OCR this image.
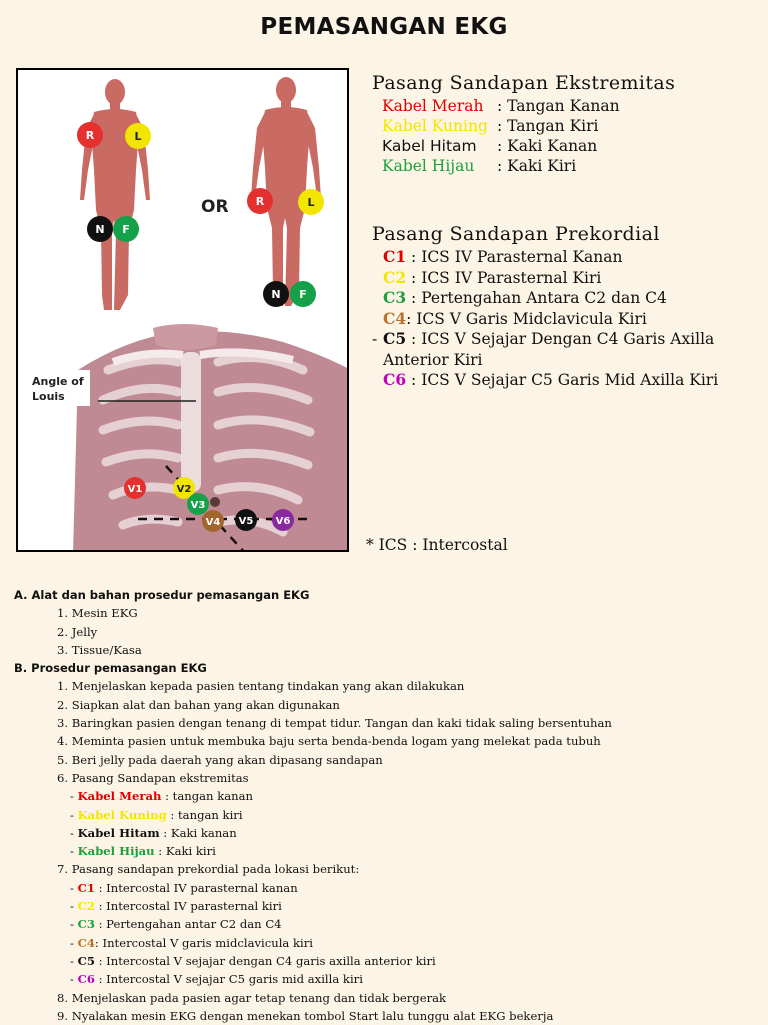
PEMASANGAN EKG
OR
R	L
N F
R	L
N F
Angle of
Louis
V1	V2
V3
V4 V5 V6

Pasang Sandapan Ekstremitas

Kabel Merah : Tangan Kanan
Kabel Kuning : Tangan Kiri
Kabel Hitam : Kaki Kanan
Kabel Hijau : Kaki Kiri

Pasang Sandapan Prekordial

C1 : ICS IV Parasternal Kanan
C2 : ICS IV Parasternal Kiri
C3 : Pertengahan Antara C2 dan C4
C4: ICS V Garis Midclavicula Kiri
- C5 : ICS V Sejajar Dengan C4 Garis Axilla Anterior Kiri
C6 : ICS V Sejajar C5 Garis Mid Axilla Kiri
* ICS : Intercostal
A. Alat dan bahan prosedur pemasangan EKG
1. Mesin EKG
2. Jelly
3. Tissue/Kasa
B. Prosedur pemasangan EKG
1. Menjelaskan kepada pasien tentang tindakan yang akan dilakukan
2. Siapkan alat dan bahan yang akan digunakan
3. Baringkan pasien dengan tenang di tempat tidur. Tangan dan kaki tidak saling bersentuhan
4. Meminta pasien untuk membuka baju serta benda-benda logam yang melekat pada tubuh
5. Beri jelly pada daerah yang akan dipasang sandapan
6. Pasang Sandapan ekstremitas
- Kabel Merah : tangan kanan
- Kabel Kuning : tangan kiri
- Kabel Hitam : Kaki kanan
- Kabel Hijau : Kaki kiri
7. Pasang sandapan prekordial pada lokasi berikut:
- C1 : Intercostal IV parasternal kanan
- C2 : Intercostal IV parasternal kiri
- C3 : Pertengahan antar C2 dan C4
- C4: Intercostal V garis midclavicula kiri
- C5 : Intercostal V sejajar dengan C4 garis axilla anterior kiri
- C6 : Intercostal V sejajar C5 garis mid axilla kiri
8. Menjelaskan pada pasien agar tetap tenang dan tidak bergerak
9. Nyalakan mesin EKG dengan menekan tombol Start lalu tunggu alat EKG bekerja
